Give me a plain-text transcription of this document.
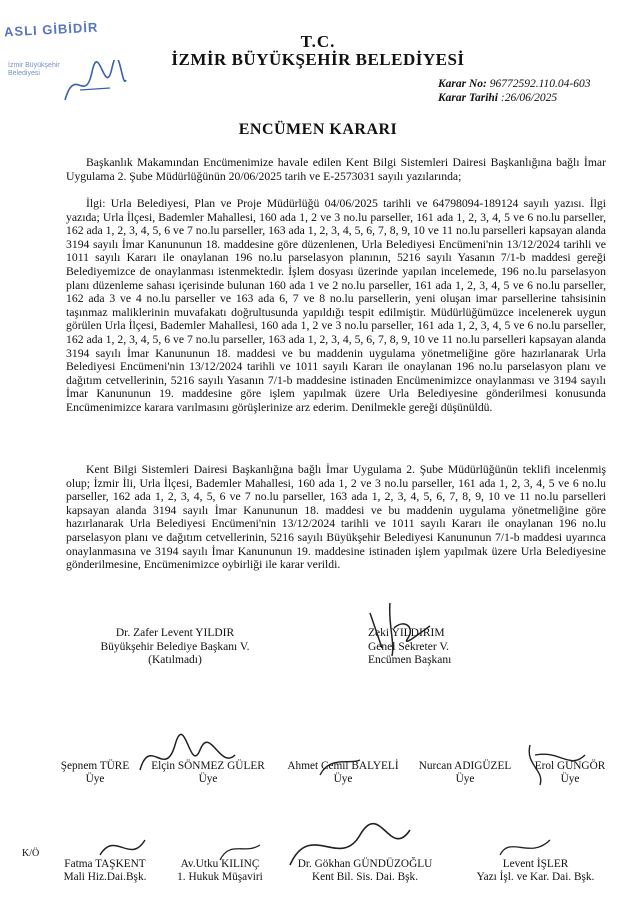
ASLI GİBİDİR
İzmir Büyükşehir
Belediyesi
T.C.
İZMİR BÜYÜKŞEHİR BELEDİYESİ
Karar No: 96772592.110.04-603
Karar Tarihi :26/06/2025
ENCÜMEN KARARI

Başkanlık Makamından Encümenimize havale edilen Kent Bilgi Sistemleri Dairesi Başkanlığına bağlı İmar Uygulama 2. Şube Müdürlüğünün 20/06/2025 tarih ve E-2573031 sayılı yazılarında;

İlgi: Urla Belediyesi, Plan ve Proje Müdürlüğü 04/06/2025 tarihli ve 64798094-189124 sayılı yazısı. İlgi yazıda; Urla İlçesi, Bademler Mahallesi, 160 ada 1, 2 ve 3 no.lu parseller, 161 ada 1, 2, 3, 4, 5 ve 6 no.lu parseller, 162 ada 1, 2, 3, 4, 5, 6 ve 7 no.lu parseller, 163 ada 1, 2, 3, 4, 5, 6, 7, 8, 9, 10 ve 11 no.lu parselleri kapsayan alanda 3194 sayılı İmar Kanununun 18. maddesine göre düzenlenen, Urla Belediyesi Encümeni'nin 13/12/2024 tarihli ve 1011 sayılı Kararı ile onaylanan 196 no.lu parselasyon planının, 5216 sayılı Yasanın 7/1-b maddesi gereği Belediyemizce de onaylanması istenmektedir. İşlem dosyası üzerinde yapılan incelemede, 196 no.lu parselasyon planı düzenleme sahası içerisinde bulunan 160 ada 1 ve 2 no.lu parseller, 161 ada 1, 2, 3, 4, 5 ve 6 no.lu parseller, 162 ada 3 ve 4 no.lu parseller ve 163 ada 6, 7 ve 8 no.lu parsellerin, yeni oluşan imar parsellerine tahsisinin taşınmaz maliklerinin muvafakatı doğrultusunda yapıldığı tespit edilmiştir. Müdürlüğümüzce incelenerek uygun görülen Urla İlçesi, Bademler Mahallesi, 160 ada 1, 2 ve 3 no.lu parseller, 161 ada 1, 2, 3, 4, 5 ve 6 no.lu parseller, 162 ada 1, 2, 3, 4, 5, 6 ve 7 no.lu parseller, 163 ada 1, 2, 3, 4, 5, 6, 7, 8, 9, 10 ve 11 no.lu parselleri kapsayan alanda 3194 sayılı İmar Kanununun 18. maddesi ve bu maddenin uygulama yönetmeliğine göre hazırlanarak Urla Belediyesi Encümeni'nin 13/12/2024 tarihli ve 1011 sayılı Kararı ile onaylanan 196 no.lu parselasyon planı ve dağıtım cetvellerinin, 5216 sayılı Yasanın 7/1-b maddesine istinaden Encümenimizce onaylanması ve 3194 sayılı İmar Kanununun 19. maddesine göre işlem yapılmak üzere Urla Belediyesine gönderilmesi konusunda Encümenimizce karara varılmasını görüşlerinize arz ederim. Denilmekle gereği düşünüldü.

Kent Bilgi Sistemleri Dairesi Başkanlığına bağlı İmar Uygulama 2. Şube Müdürlüğünün teklifi incelenmiş olup; İzmir İli, Urla İlçesi, Bademler Mahallesi, 160 ada 1, 2 ve 3 no.lu parseller, 161 ada 1, 2, 3, 4, 5 ve 6 no.lu parseller, 162 ada 1, 2, 3, 4, 5, 6 ve 7 no.lu parseller, 163 ada 1, 2, 3, 4, 5, 6, 7, 8, 9, 10 ve 11 no.lu parselleri kapsayan alanda 3194 sayılı İmar Kanununun 18. maddesi ve bu maddenin uygulama yönetmeliğine göre hazırlanarak Urla Belediyesi Encümeni'nin 13/12/2024 tarihli ve 1011 sayılı Kararı ile onaylanan 196 no.lu parselasyon planı ve dağıtım cetvellerinin, 5216 sayılı Büyükşehir Belediyesi Kanununun 7/1-b maddesi uyarınca onaylanmasına ve 3194 sayılı İmar Kanununun 19. maddesine istinaden işlem yapılmak üzere Urla Belediyesine gönderilmesine, Encümenimizce oybirliği ile karar verildi.

Dr. Zafer Levent YILDIR
Büyükşehir Belediye Başkanı V.
(Katılmadı)
Zeki YILDIRIM
Genel Sekreter V.
Encümen Başkanı
Şepnem TÜRE
Üye
Elçin SÖNMEZ GÜLER
Üye
Ahmet Cemil BALYELİ
Üye
Nurcan ADIGÜZEL
Üye
Erol GÜNGÖR
Üye
Fatma TAŞKENT
Mali Hiz.Dai.Bşk.
Av.Utku KILINÇ
1. Hukuk Müşaviri
Dr. Gökhan GÜNDÜZOĞLU
Kent Bil. Sis. Dai. Bşk.
Levent İŞLER
Yazı İşl. ve Kar. Dai. Bşk.
K/Ö
